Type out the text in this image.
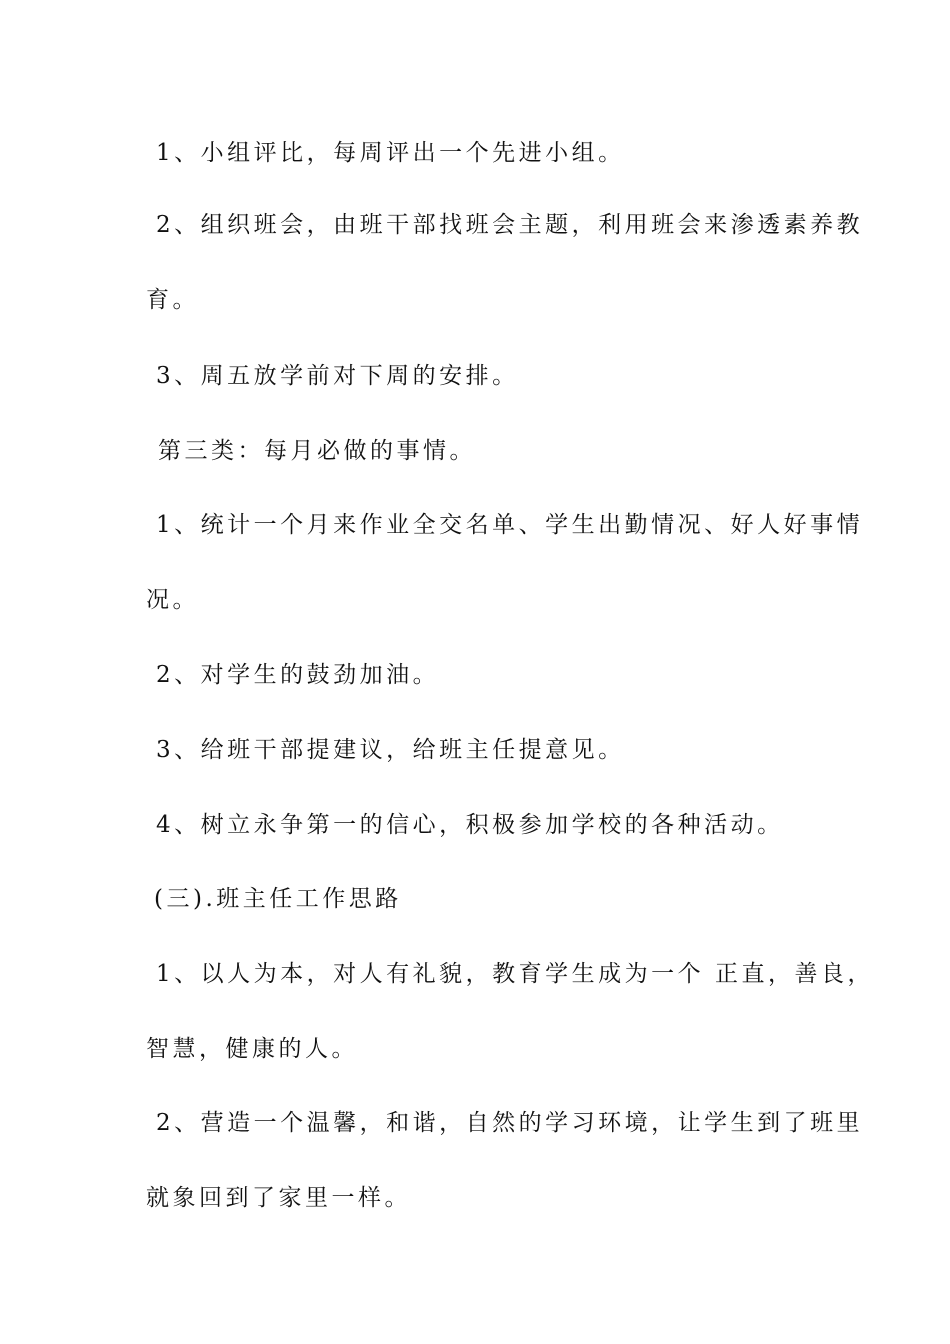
1、小组评比，每周评出一个先进小组。
2、组织班会，由班干部找班会主题，利用班会来渗透素养教
育。
3、周五放学前对下周的安排。
第三类：每月必做的事情。
1、统计一个月来作业全交名单、学生出勤情况、好人好事情
况。
2、对学生的鼓劲加油。
3、给班干部提建议，给班主任提意见。
4、树立永争第一的信心，积极参加学校的各种活动。
(三).班主任工作思路
1、以人为本，对人有礼貌，教育学生成为一个 正直，善良，
智慧，健康的人。
2、营造一个温馨，和谐，自然的学习环境，让学生到了班里
就象回到了家里一样。
